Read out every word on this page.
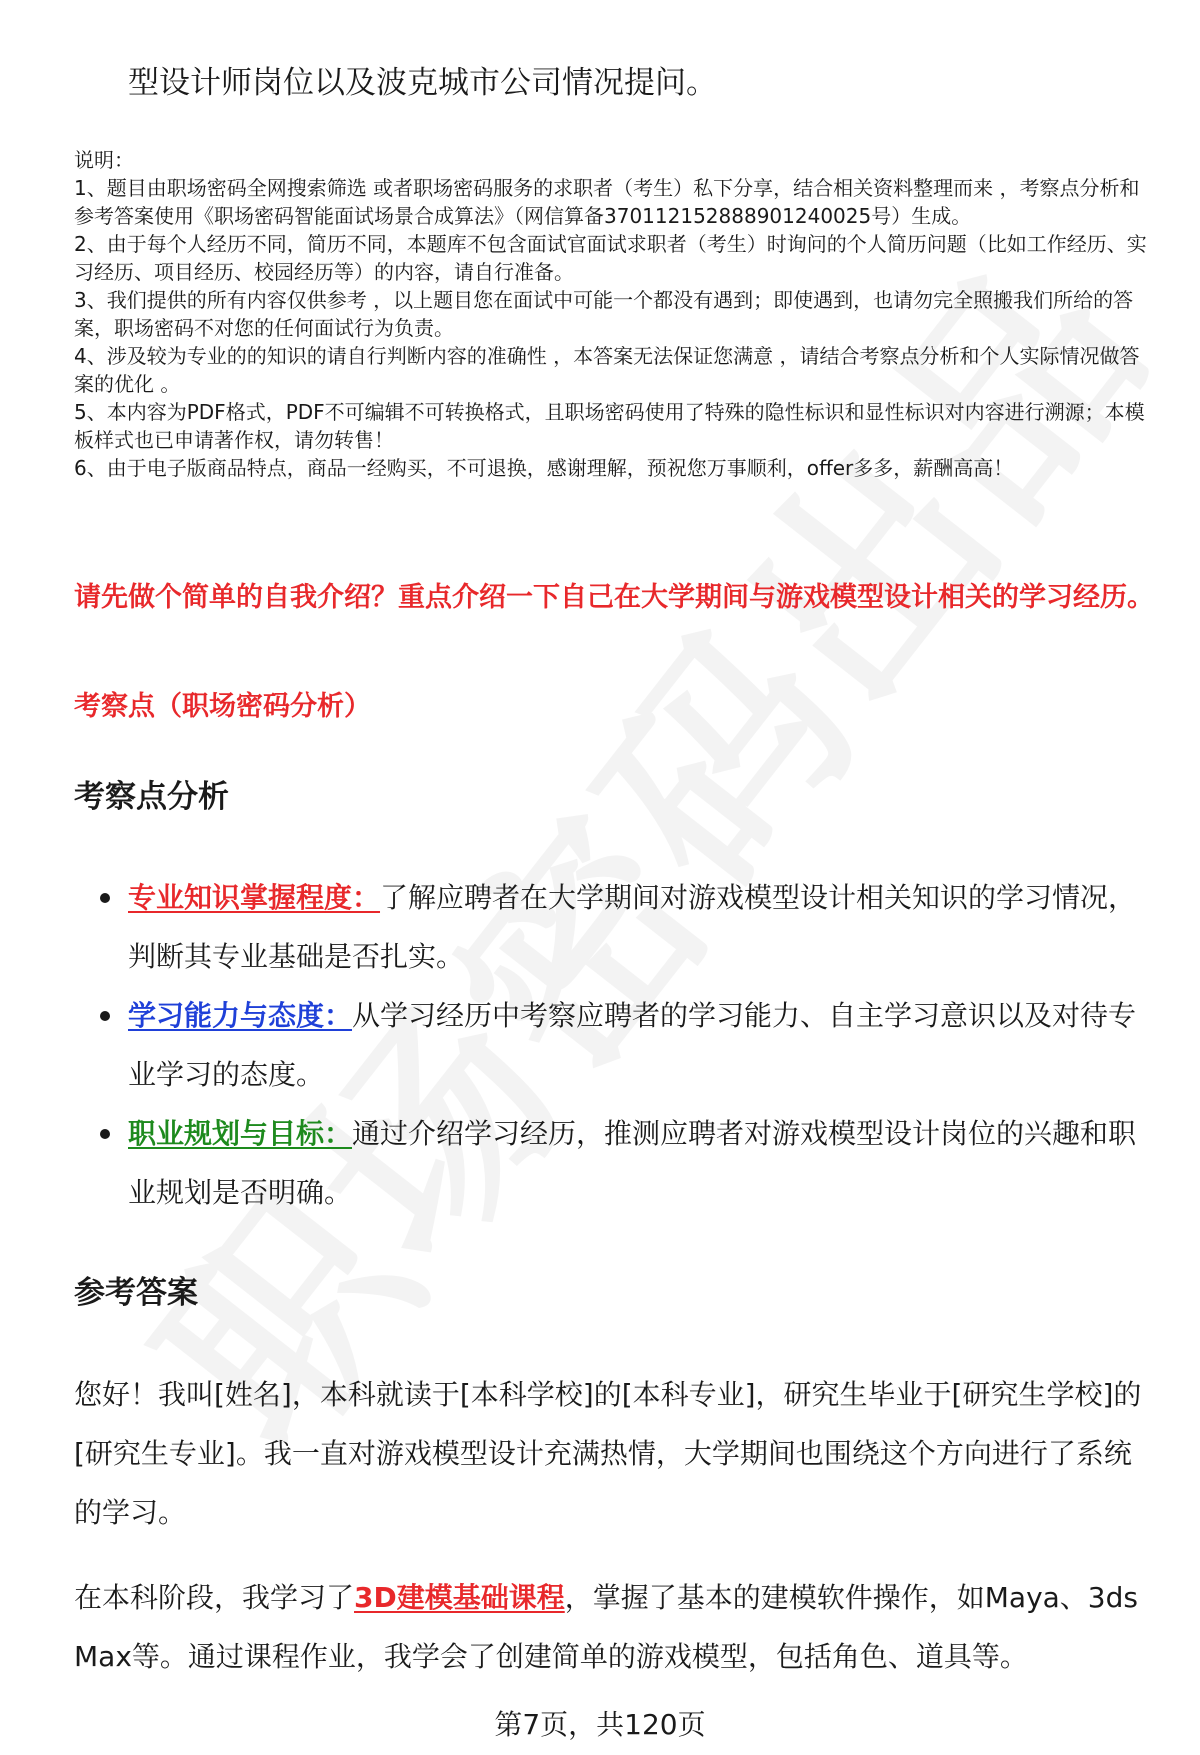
型设计师岗位以及波克城市公司情况提问。

说明：

1、题目由职场密码全网搜索筛选 或者职场密码服务的求职者（考生）私下分享，结合相关资料整理而来 ，考察点分析和参考答案使用《职场密码智能面试场景合成算法》（网信算备370112152888901240025号）生成。

2、由于每个人经历不同，简历不同，本题库不包含面试官面试求职者（考生）时询问的个人简历问题（比如工作经历、实习经历、项目经历、校园经历等）的内容，请自行准备。

3、我们提供的所有内容仅供参考 ，以上题目您在面试中可能一个都没有遇到；即使遇到，也请勿完全照搬我们所给的答案，职场密码不对您的任何面试行为负责。

4、涉及较为专业的的知识的请自行判断内容的准确性 ，本答案无法保证您满意 ，请结合考察点分析和个人实际情况做答案的优化 。

5、本内容为PDF格式，PDF不可编辑不可转换格式，且职场密码使用了特殊的隐性标识和显性标识对内容进行溯源；本模板样式也已申请著作权，请勿转售！

6、由于电子版商品特点，商品一经购买，不可退换，感谢理解，预祝您万事顺利，offer多多，薪酬高高！

请先做个简单的自我介绍？重点介绍一下自己在大学期间与游戏模型设计相关的学习经历。
考察点（职场密码分析）
考察点分析
专业知识掌握程度：了解应聘者在大学期间对游戏模型设计相关知识的学习情况，判断其专业基础是否扎实。
学习能力与态度：从学习经历中考察应聘者的学习能力、自主学习意识以及对待专业学习的态度。
职业规划与目标：通过介绍学习经历，推测应聘者对游戏模型设计岗位的兴趣和职业规划是否明确。
参考答案

您好！我叫[姓名]，本科就读于[本科学校]的[本科专业]，研究生毕业于[研究生学校]的[研究生专业]。我一直对游戏模型设计充满热情，大学期间也围绕这个方向进行了系统的学习。

在本科阶段，我学习了3D建模基础课程，掌握了基本的建模软件操作，如Maya、3ds Max等。通过课程作业，我学会了创建简单的游戏模型，包括角色、道具等。

第7页，共120页
